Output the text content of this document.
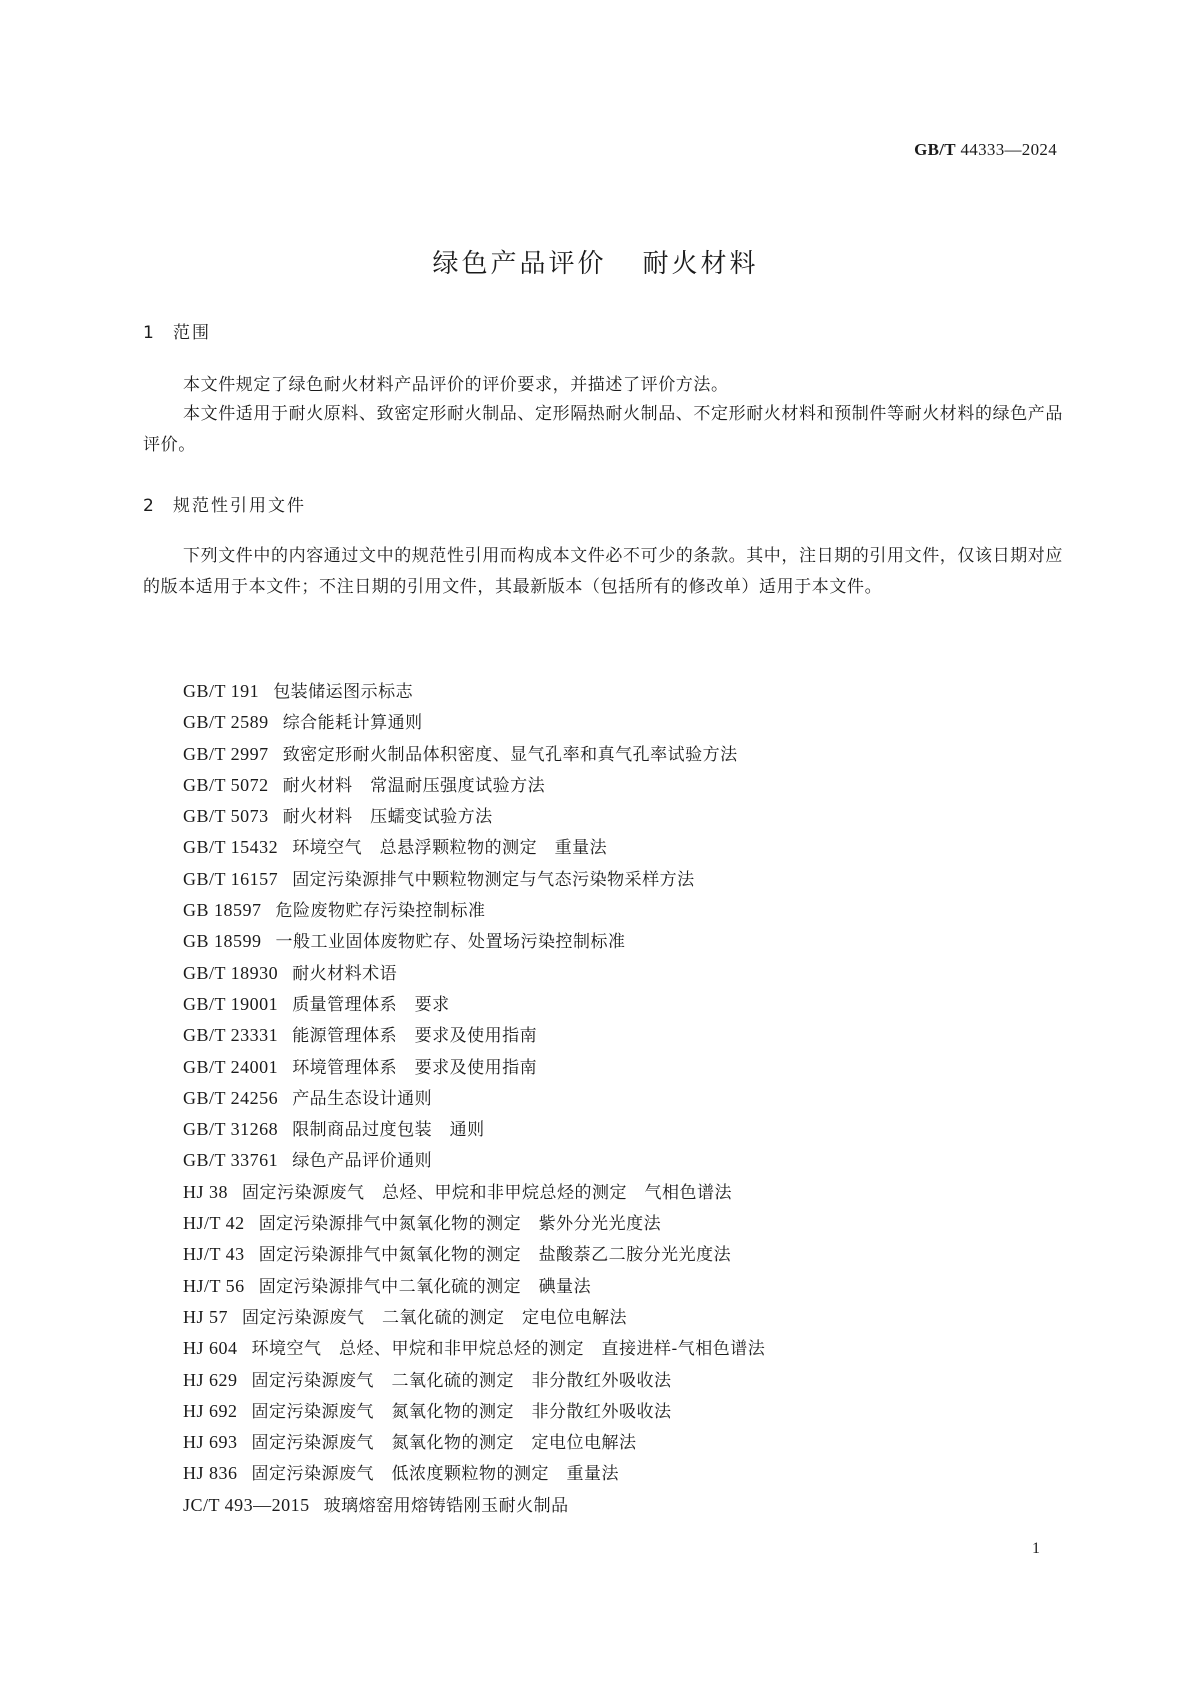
GB/T 44333—2024
绿色产品评价 耐火材料
1 范围

本文件规定了绿色耐火材料产品评价的评价要求，并描述了评价方法。

本文件适用于耐火原料、致密定形耐火制品、定形隔热耐火制品、不定形耐火材料和预制件等耐火材料的绿色产品评价。

2 规范性引用文件

下列文件中的内容通过文中的规范性引用而构成本文件必不可少的条款。其中，注日期的引用文件，仅该日期对应的版本适用于本文件；不注日期的引用文件，其最新版本（包括所有的修改单）适用于本文件。

GB/T 191 包装储运图示标志
GB/T 2589 综合能耗计算通则
GB/T 2997 致密定形耐火制品体积密度、显气孔率和真气孔率试验方法
GB/T 5072 耐火材料　常温耐压强度试验方法
GB/T 5073 耐火材料　压蠕变试验方法
GB/T 15432 环境空气　总悬浮颗粒物的测定　重量法
GB/T 16157 固定污染源排气中颗粒物测定与气态污染物采样方法
GB 18597 危险废物贮存污染控制标准
GB 18599 一般工业固体废物贮存、处置场污染控制标准
GB/T 18930 耐火材料术语
GB/T 19001 质量管理体系　要求
GB/T 23331 能源管理体系　要求及使用指南
GB/T 24001 环境管理体系　要求及使用指南
GB/T 24256 产品生态设计通则
GB/T 31268 限制商品过度包装　通则
GB/T 33761 绿色产品评价通则
HJ 38 固定污染源废气　总烃、甲烷和非甲烷总烃的测定　气相色谱法
HJ/T 42 固定污染源排气中氮氧化物的测定　紫外分光光度法
HJ/T 43 固定污染源排气中氮氧化物的测定　盐酸萘乙二胺分光光度法
HJ/T 56 固定污染源排气中二氧化硫的测定　碘量法
HJ 57 固定污染源废气　二氧化硫的测定　定电位电解法
HJ 604 环境空气　总烃、甲烷和非甲烷总烃的测定　直接进样-气相色谱法
HJ 629 固定污染源废气　二氧化硫的测定　非分散红外吸收法
HJ 692 固定污染源废气　氮氧化物的测定　非分散红外吸收法
HJ 693 固定污染源废气　氮氧化物的测定　定电位电解法
HJ 836 固定污染源废气　低浓度颗粒物的测定　重量法
JC/T 493—2015 玻璃熔窑用熔铸锆刚玉耐火制品
1
